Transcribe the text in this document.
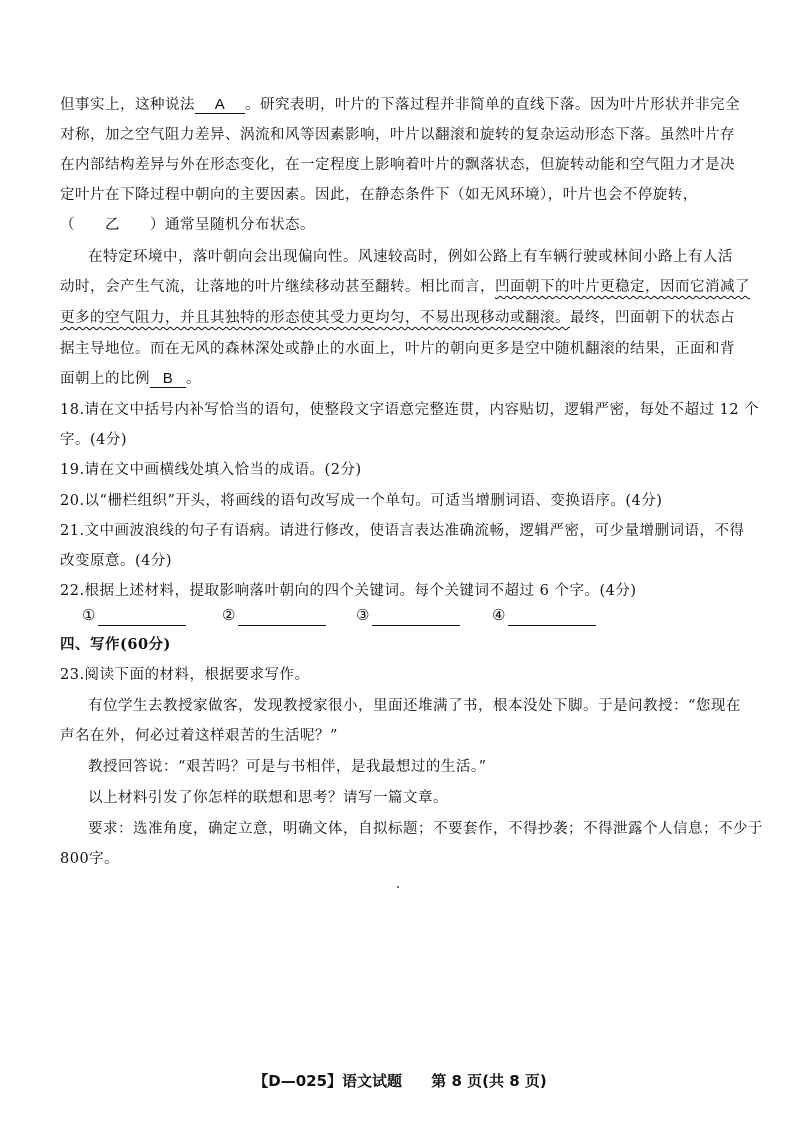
但事实上，这种说法 A 。研究表明，叶片的下落过程并非简单的直线下落。因为叶片形状并非完全
对称，加之空气阻力差异、涡流和风等因素影响，叶片以翻滚和旋转的复杂运动形态下落。虽然叶片存
在内部结构差异与外在形态变化，在一定程度上影响着叶片的飘落状态，但旋转动能和空气阻力才是决
定叶片在下降过程中朝向的主要因素。因此，在静态条件下（如无风环境），叶片也会不停旋转，
（　　乙　　）通常呈随机分布状态。
在特定环境中，落叶朝向会出现偏向性。风速较高时，例如公路上有车辆行驶或林间小路上有人活
动时，会产生气流，让落地的叶片继续移动甚至翻转。相比而言，凹面朝下的叶片更稳定，因而它消减了
更多的空气阻力，并且其独特的形态使其受力更均匀，不易出现移动或翻滚。最终，凹面朝下的状态占
据主导地位。而在无风的森林深处或静止的水面上，叶片的朝向更多是空中随机翻滚的结果，正面和背
面朝上的比例 B 。
18.请在文中括号内补写恰当的语句，使整段文字语意完整连贯，内容贴切，逻辑严密，每处不超过 12 个
字。(4分)
19.请在文中画横线处填入恰当的成语。(2分)
20.以“栅栏组织”开头，将画线的语句改写成一个单句。可适当增删词语、变换语序。(4分)
21.文中画波浪线的句子有语病。请进行修改，使语言表达准确流畅，逻辑严密，可少量增删词语，不得
改变原意。(4分)
22.根据上述材料，提取影响落叶朝向的四个关键词。每个关键词不超过 6 个字。(4分)
①	②	③	④
四、写作(60分)
23.阅读下面的材料，根据要求写作。
有位学生去教授家做客，发现教授家很小，里面还堆满了书，根本没处下脚。于是问教授：“您现在
声名在外，何必过着这样艰苦的生活呢？”
教授回答说：“艰苦吗？可是与书相伴，是我最想过的生活。”
以上材料引发了你怎样的联想和思考？请写一篇文章。
要求：选准角度，确定立意，明确文体，自拟标题；不要套作，不得抄袭；不得泄露个人信息；不少于
800字。
【D—025】语文试题 第 8 页(共 8 页)
